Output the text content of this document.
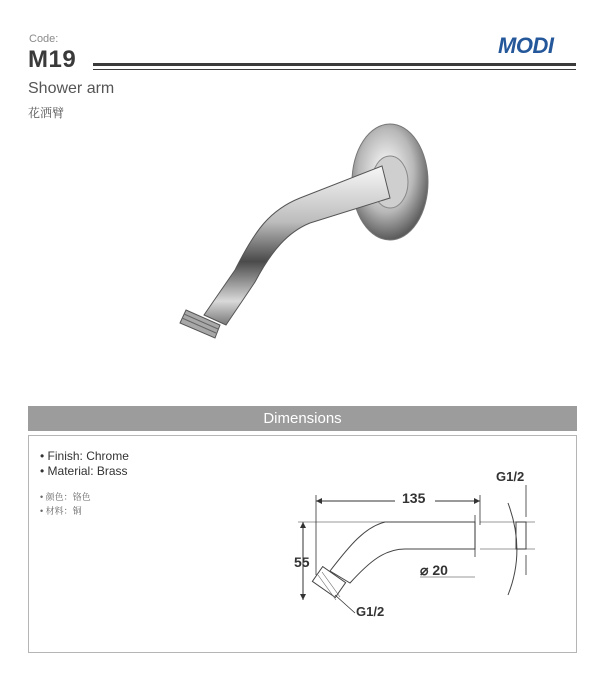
Code:
M19
MODI
Shower arm
花洒臂
Dimensions
• Finish: Chrome
• Material: Brass
• 颜色：铬色
• 材料：铜
135
G1/2
55	⌀ 20
G1/2
